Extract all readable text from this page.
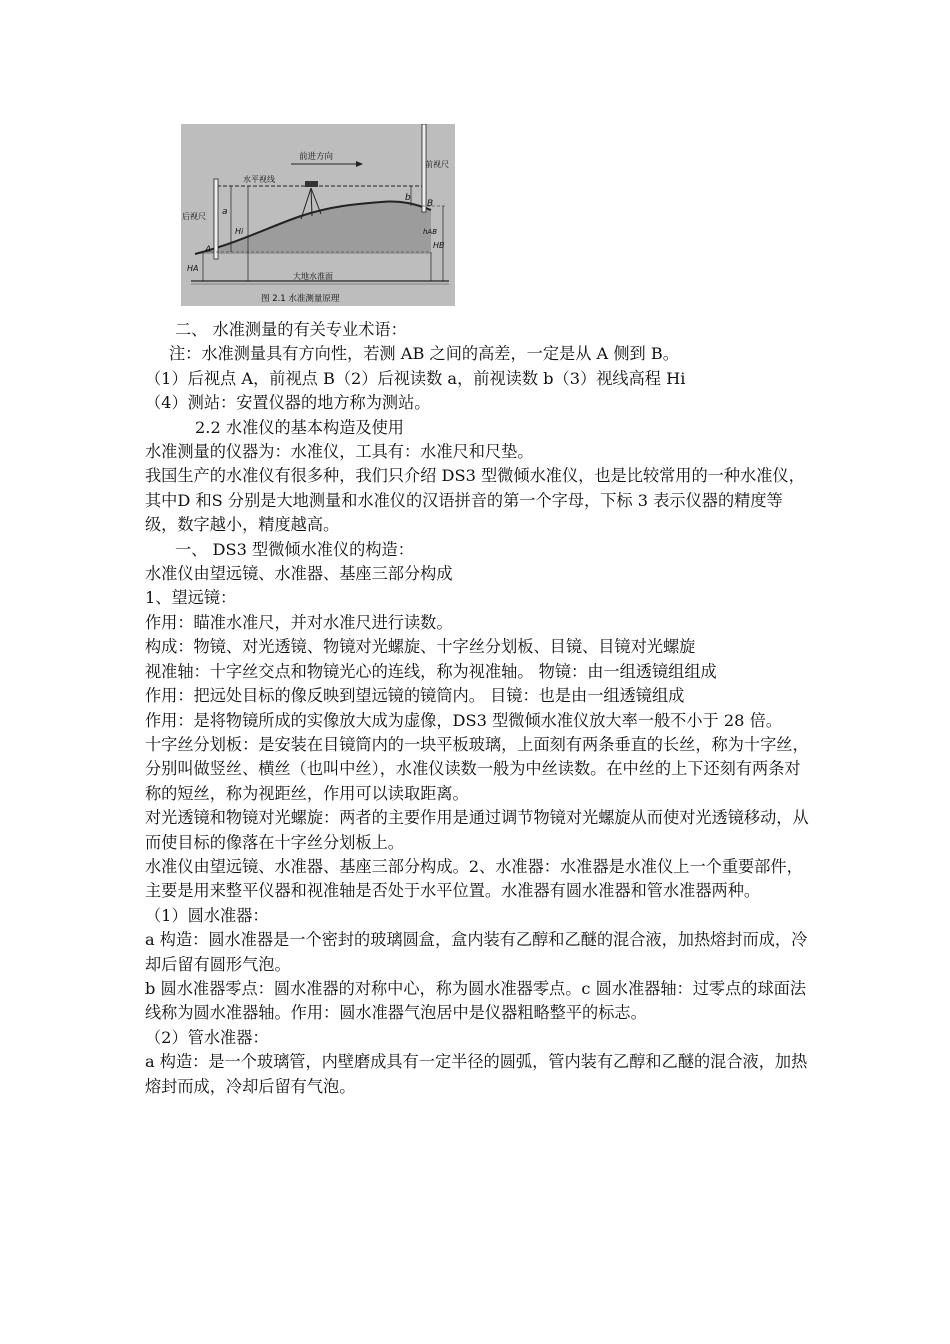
前进方向
水平视线
后视尺
前视尺
大地水准面
a
b
A
B
Hi
HA
HB
hAB
图 2.1 水准测量原理

二、 水准测量的有关专业术语：

注：水准测量具有方向性，若测 AB 之间的高差，一定是从 A 侧到 B。

（1）后视点 A，前视点 B（2）后视读数 a，前视读数 b（3）视线高程 Hi

（4）测站：安置仪器的地方称为测站。

2.2 水准仪的基本构造及使用

水准测量的仪器为：水准仪，工具有：水准尺和尺垫。

我国生产的水准仪有很多种，我们只介绍 DS3 型微倾水准仪，也是比较常用的一种水准仪，其中D 和S 分别是大地测量和水准仪的汉语拼音的第一个字母，下标 3 表示仪器的精度等级，数字越小，精度越高。

一、 DS3 型微倾水准仪的构造：

水准仪由望远镜、水准器、基座三部分构成

1、望远镜：

作用：瞄准水准尺，并对水准尺进行读数。

构成：物镜、对光透镜、物镜对光螺旋、十字丝分划板、目镜、目镜对光螺旋

视准轴：十字丝交点和物镜光心的连线，称为视准轴。 物镜：由一组透镜组组成

作用：把远处目标的像反映到望远镜的镜筒内。 目镜：也是由一组透镜组成

作用：是将物镜所成的实像放大成为虚像，DS3 型微倾水准仪放大率一般不小于 28 倍。

十字丝分划板：是安装在目镜筒内的一块平板玻璃，上面刻有两条垂直的长丝，称为十字丝，分别叫做竖丝、横丝（也叫中丝），水准仪读数一般为中丝读数。在中丝的上下还刻有两条对称的短丝，称为视距丝，作用可以读取距离。

对光透镜和物镜对光螺旋：两者的主要作用是通过调节物镜对光螺旋从而使对光透镜移动，从而使目标的像落在十字丝分划板上。

水准仪由望远镜、水准器、基座三部分构成。2、水准器：水准器是水准仪上一个重要部件，主要是用来整平仪器和视准轴是否处于水平位置。水准器有圆水准器和管水准器两种。

（1）圆水准器：

a 构造：圆水准器是一个密封的玻璃圆盒，盒内装有乙醇和乙醚的混合液，加热熔封而成，冷却后留有圆形气泡。

b 圆水准器零点：圆水准器的对称中心，称为圆水准器零点。c 圆水准器轴：过零点的球面法线称为圆水准器轴。作用：圆水准器气泡居中是仪器粗略整平的标志。

（2）管水准器：

a 构造：是一个玻璃管，内壁磨成具有一定半径的圆弧，管内装有乙醇和乙醚的混合液，加热熔封而成，冷却后留有气泡。
